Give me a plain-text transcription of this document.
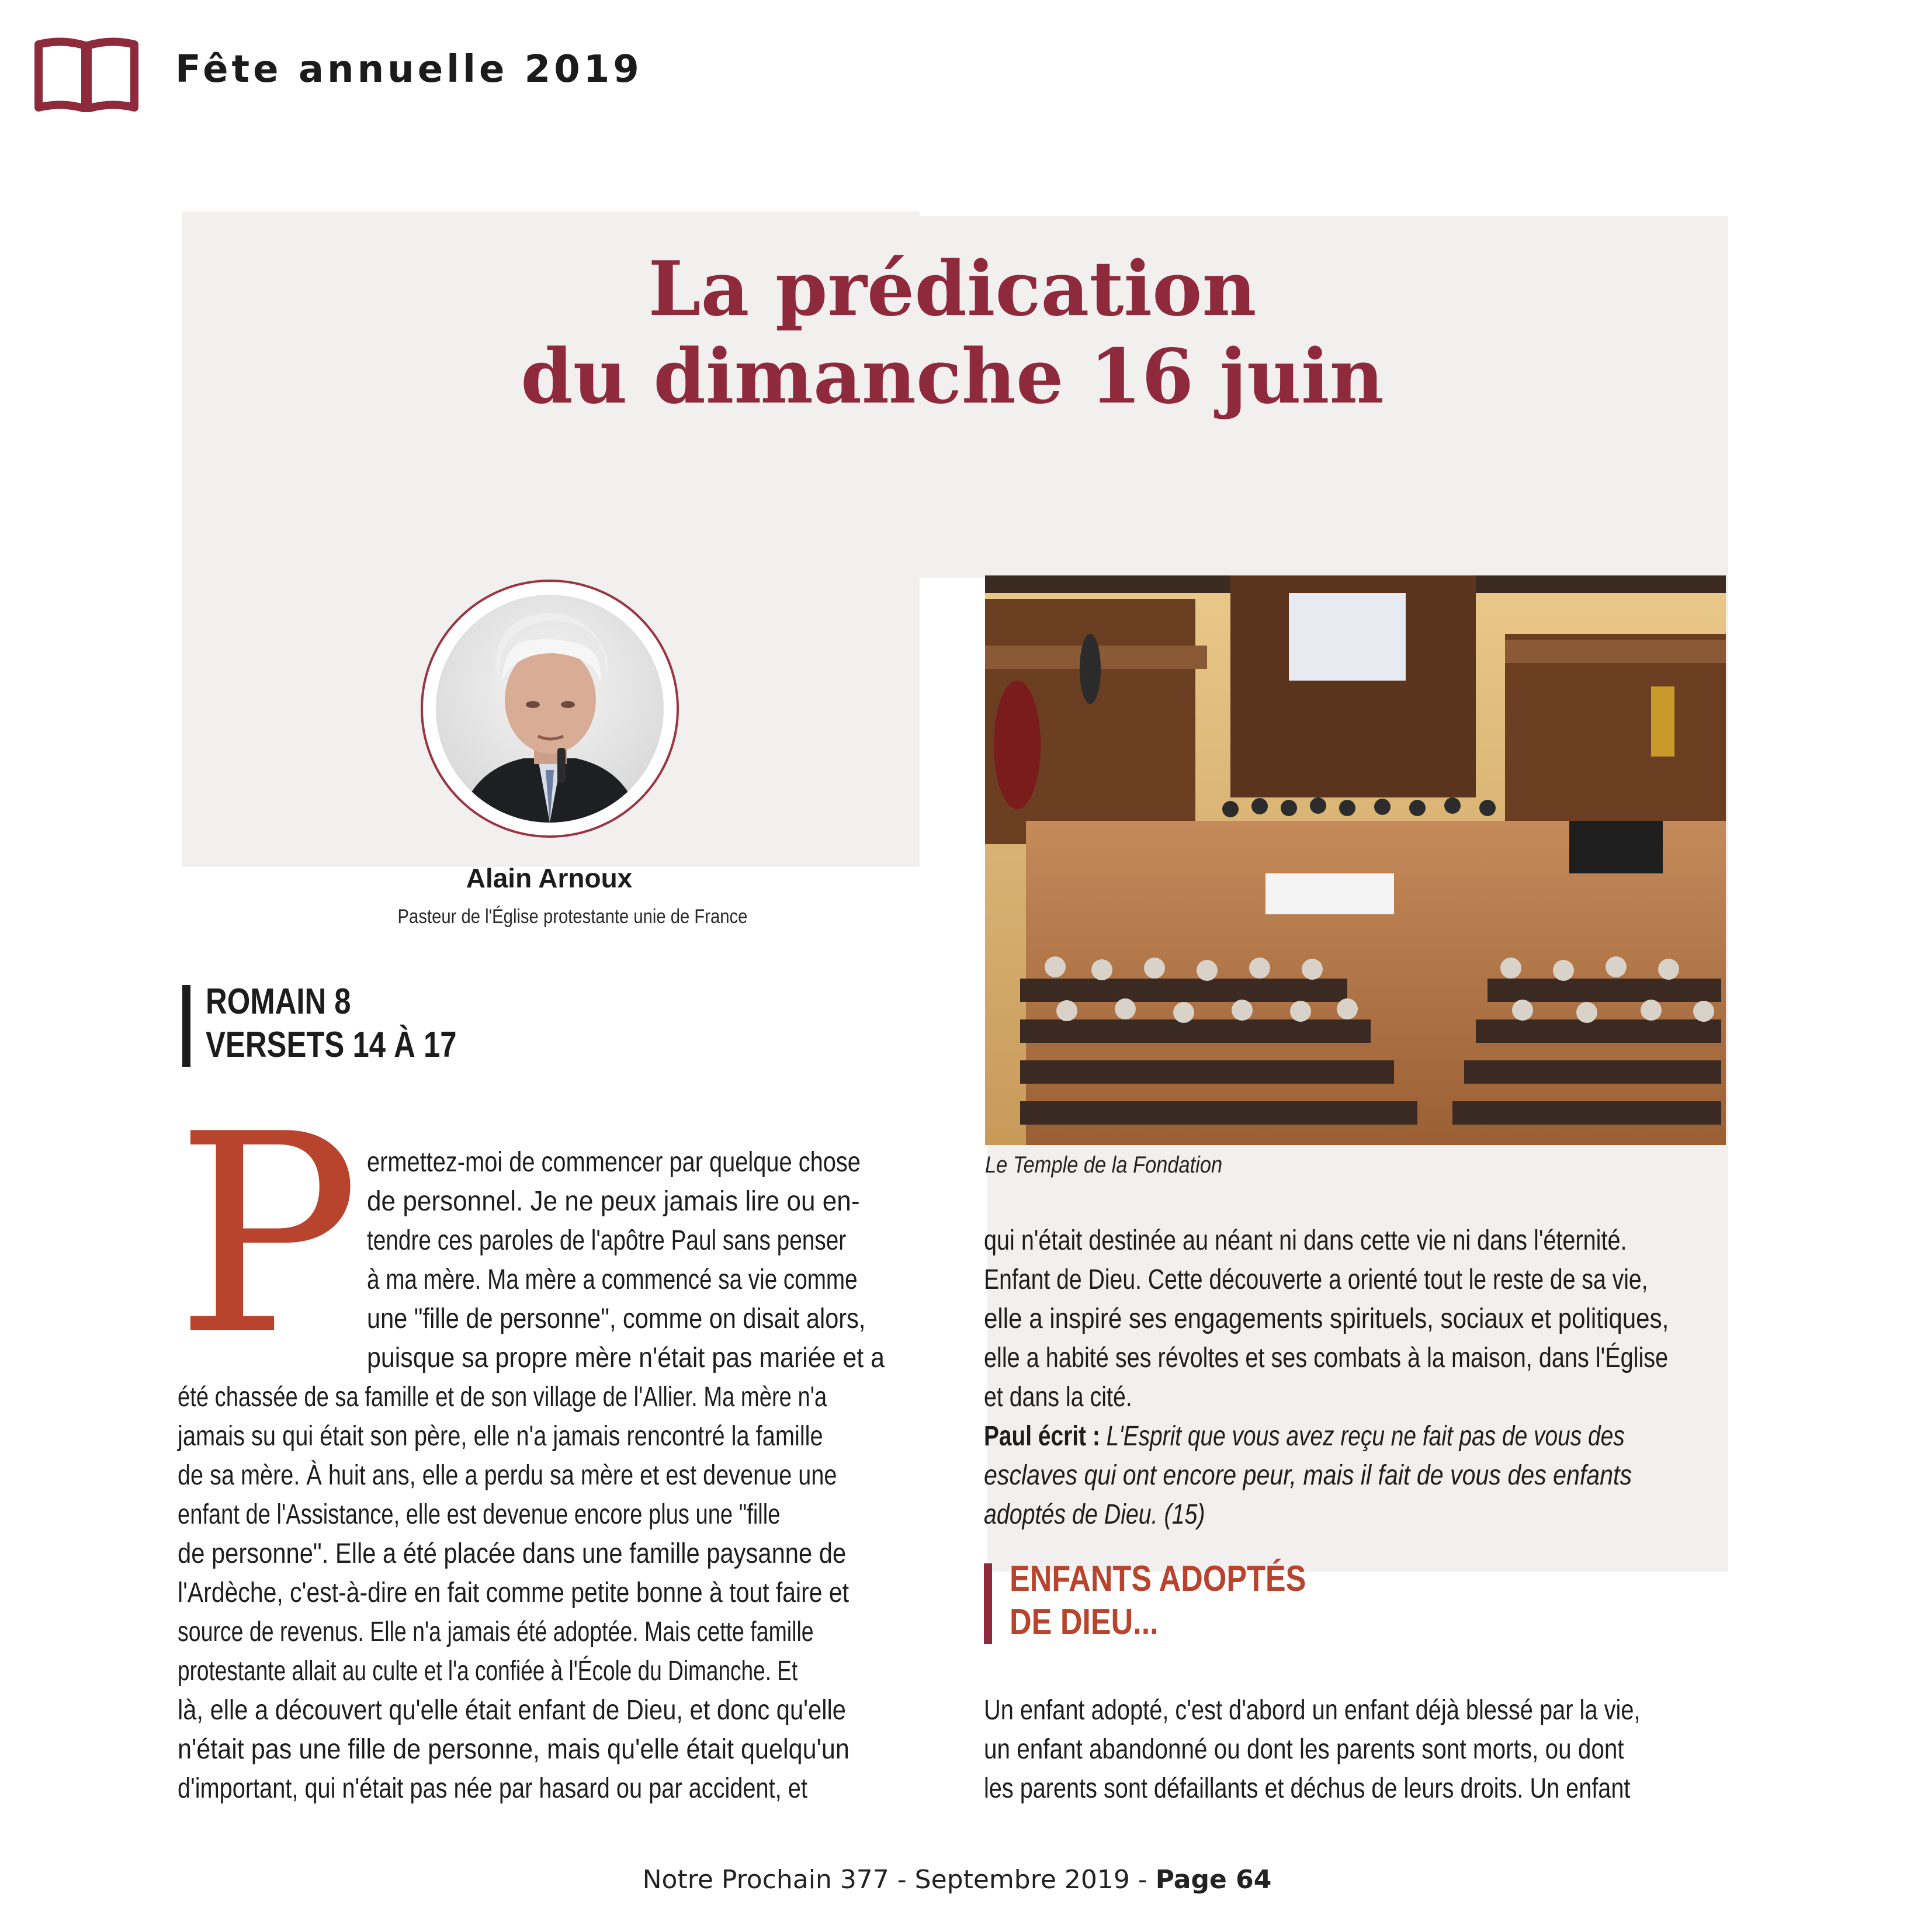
Fête annuelle 2019
La prédication
du dimanche 16 juin
Alain Arnoux
Pasteur de l'Église protestante unie de France
ROMAIN 8
VERSETS 14 À 17
P ermettez-moi de commencer par quelque chose
de personnel. Je ne peux jamais lire ou en-
tendre ces paroles de l'apôtre Paul sans penser
à ma mère. Ma mère a commencé sa vie comme
une "fille de personne", comme on disait alors,
puisque sa propre mère n'était pas mariée et a
été chassée de sa famille et de son village de l'Allier. Ma mère n'a
jamais su qui était son père, elle n'a jamais rencontré la famille
de sa mère. À huit ans, elle a perdu sa mère et est devenue une
enfant de l'Assistance, elle est devenue encore plus une "fille
de personne". Elle a été placée dans une famille paysanne de
l'Ardèche, c'est-à-dire en fait comme petite bonne à tout faire et
source de revenus. Elle n'a jamais été adoptée. Mais cette famille
protestante allait au culte et l'a confiée à l'École du Dimanche. Et
là, elle a découvert qu'elle était enfant de Dieu, et donc qu'elle
n'était pas une fille de personne, mais qu'elle était quelqu'un
d'important, qui n'était pas née par hasard ou par accident, et
Le Temple de la Fondation
qui n'était destinée au néant ni dans cette vie ni dans l'éternité.
Enfant de Dieu. Cette découverte a orienté tout le reste de sa vie,
elle a inspiré ses engagements spirituels, sociaux et politiques,
elle a habité ses révoltes et ses combats à la maison, dans l'Église
et dans la cité.
Paul écrit : L'Esprit que vous avez reçu ne fait pas de vous des
esclaves qui ont encore peur, mais il fait de vous des enfants
adoptés de Dieu. (15)
ENFANTS ADOPTÉS
DE DIEU...
Un enfant adopté, c'est d'abord un enfant déjà blessé par la vie,
un enfant abandonné ou dont les parents sont morts, ou dont
les parents sont défaillants et déchus de leurs droits. Un enfant
Notre Prochain 377 - Septembre 2019 - Page 64
